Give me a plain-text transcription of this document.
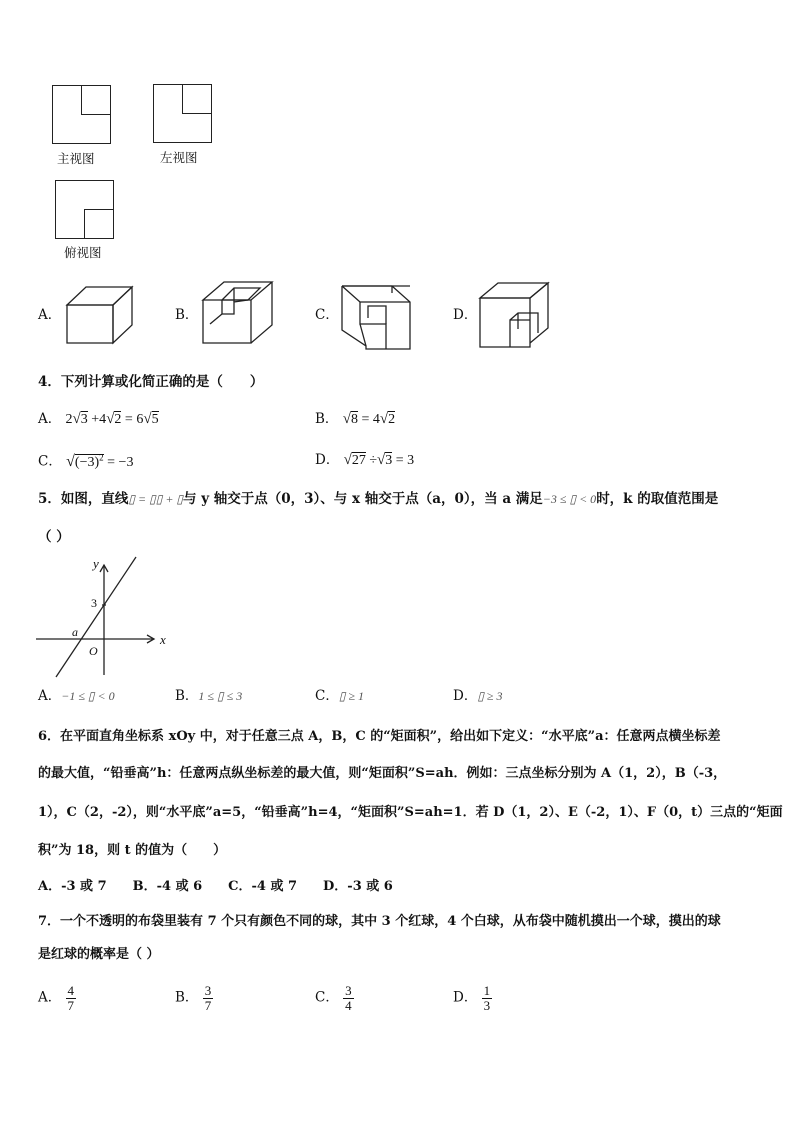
主视图	左视图
俯视图
A．	B．	C．	D．
4．下列计算或化简正确的是（　　）
A． 2√3 +4√2 = 6√5	B． √8 = 4√2
C． $√(-3)^2 = -3$	D． √27 ÷√3 = 3
5．如图，直线▯ = ▯▯ + ▯与 y 轴交于点（0，3）、与 x 轴交于点（a，0），当 a 满足−3 ≤ ▯ < 0时，k 的取值范围是
（ ）
y
x
3
a
O
A．−1 ≤ ▯ < 0	B．1 ≤ ▯ ≤ 3	C．▯ ≥ 1	D．▯ ≥ 3
6．在平面直角坐标系 xOy 中，对于任意三点 A，B，C 的“矩面积”，给出如下定义：“水平底”a：任意两点横坐标差
的最大值，“铅垂高”h：任意两点纵坐标差的最大值，则“矩面积”S=ah．例如：三点坐标分别为 A（1，2），B（-3，
1），C（2，-2），则“水平底”a=5，“铅垂高”h=4，“矩面积”S=ah=1．若 D（1，2）、E（-2，1）、F（0，t）三点的“矩面
积”为 18，则 t 的值为（　　）
A．-3 或 7　　B．-4 或 6　　C．-4 或 7　　D．-3 或 6
7．一个不透明的布袋里装有 7 个只有颜色不同的球，其中 3 个红球，4 个白球，从布袋中随机摸出一个球，摸出的球
是红球的概率是（ ）
A． $\frac{4}{7}$	B． $\frac{3}{7}$	C． $\frac{3}{4}$	D． $\frac{1}{3}$
